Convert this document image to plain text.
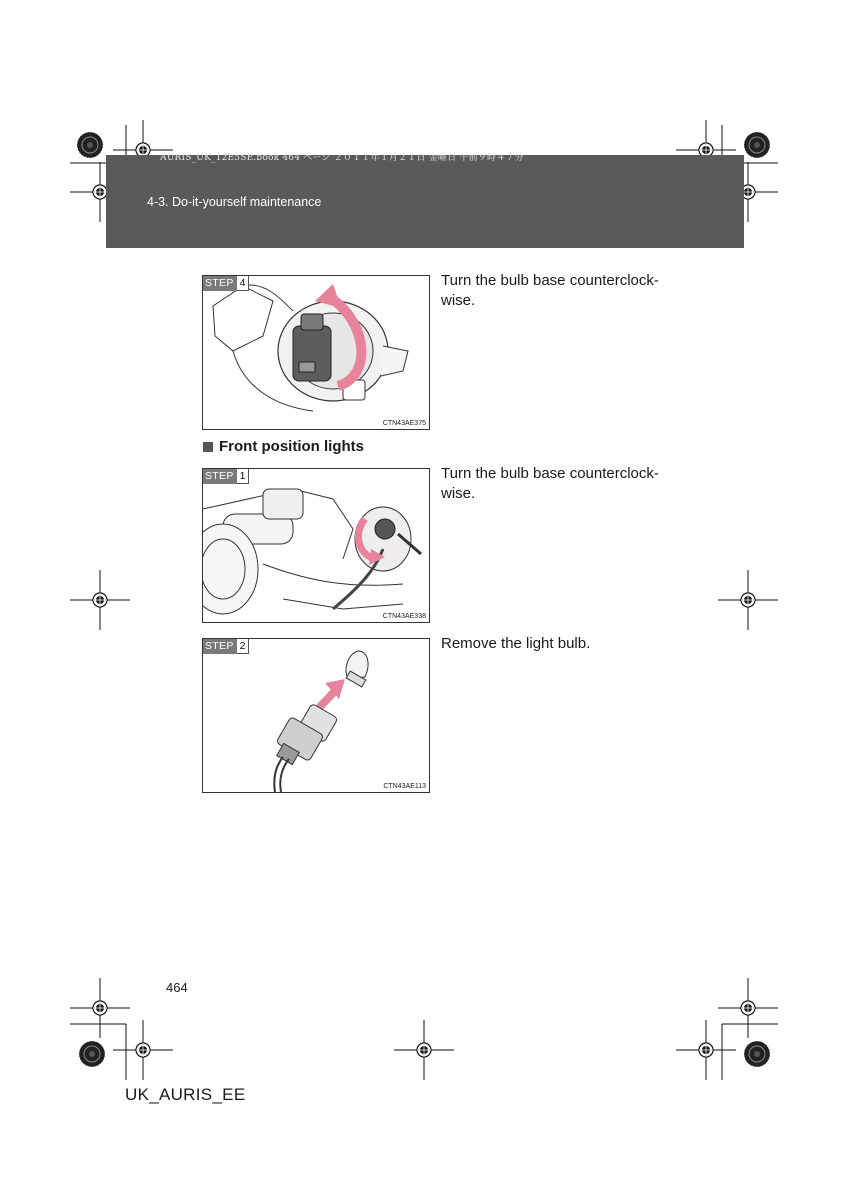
AURIS_UK_12E5SE.book 464 ページ ２０１１年１月２１日 金曜日 午前９時４７分
4-3. Do-it-yourself maintenance
STEP 4
CTN43AE375
Turn the bulb base counterclock-
wise.
Front position lights
STEP 1
CTN43AE338
Turn the bulb base counterclock-
wise.
STEP 2
CTN43AE113
Remove the light bulb.
464
UK_AURIS_EE
